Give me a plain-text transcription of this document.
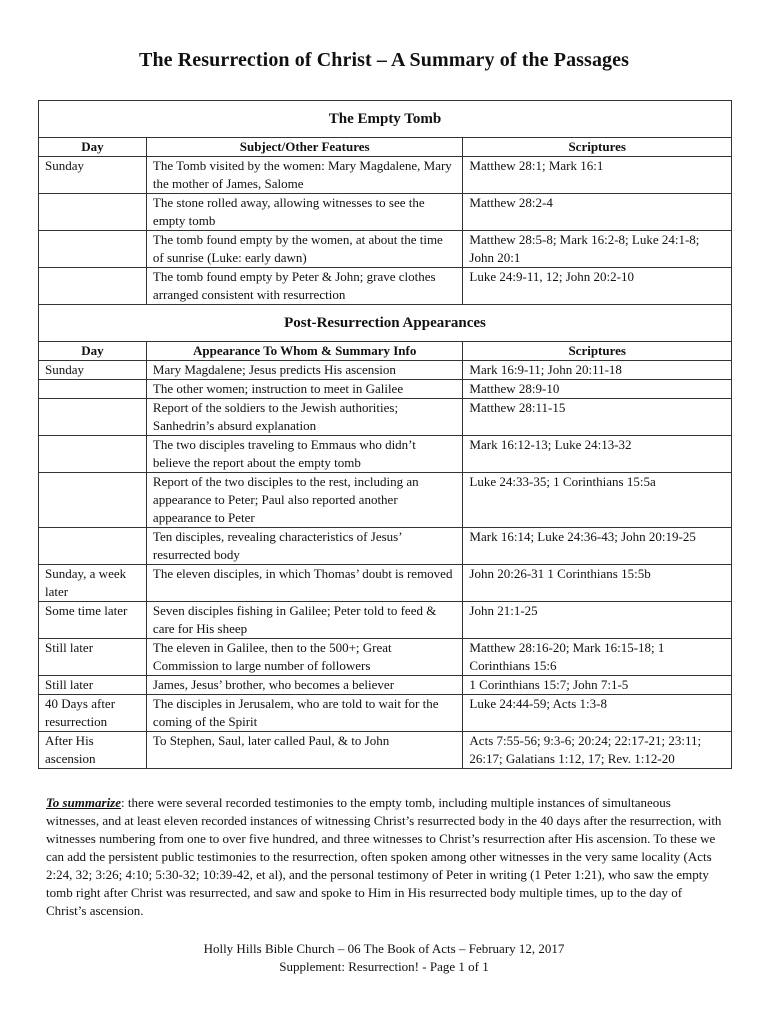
The Resurrection of Christ – A Summary of the Passages
The Empty Tomb		
Day	Subject/Other Features	Scriptures
Sunday	The Tomb visited by the women: Mary Magdalene, Mary the mother of James, Salome	Matthew 28:1; Mark 16:1
	The stone rolled away, allowing witnesses to see the empty tomb	Matthew 28:2-4
	The tomb found empty by the women, at about the time of sunrise (Luke: early dawn)	Matthew 28:5-8; Mark 16:2-8; Luke 24:1-8; John 20:1
	The tomb found empty by Peter & John; grave clothes arranged consistent with resurrection	Luke 24:9-11, 12; John 20:2-10
Post-Resurrection Appearances		
Day	Appearance To Whom & Summary Info	Scriptures
Sunday	Mary Magdalene; Jesus predicts His ascension	Mark 16:9-11; John 20:11-18
	The other women; instruction to meet in Galilee	Matthew 28:9-10
	Report of the soldiers to the Jewish authorities; Sanhedrin’s absurd explanation	Matthew 28:11-15
	The two disciples traveling to Emmaus who didn’t believe the report about the empty tomb	Mark 16:12-13; Luke 24:13-32
	Report of the two disciples to the rest, including an appearance to Peter; Paul also reported another appearance to Peter	Luke 24:33-35; 1 Corinthians 15:5a
	Ten disciples, revealing characteristics of Jesus’ resurrected body	Mark 16:14; Luke 24:36-43; John 20:19-25
Sunday, a week later	The eleven disciples, in which Thomas’ doubt is removed	John 20:26-31 1 Corinthians 15:5b
Some time later	Seven disciples fishing in Galilee; Peter told to feed & care for His sheep	John 21:1-25
Still later	The eleven in Galilee, then to the 500+; Great Commission to large number of followers	Matthew 28:16-20; Mark 16:15-18; 1 Corinthians 15:6
Still later	James, Jesus’ brother, who becomes a believer	1 Corinthians 15:7; John 7:1-5
40 Days after resurrection	The disciples in Jerusalem, who are told to wait for the coming of the Spirit	Luke 24:44-59; Acts 1:3-8
After His ascension	To Stephen, Saul, later called Paul, & to John	Acts 7:55-56; 9:3-6; 20:24; 22:17-21; 23:11; 26:17; Galatians 1:12, 17; Rev. 1:12-20
To summarize: there were several recorded testimonies to the empty tomb, including multiple instances of simultaneous witnesses, and at least eleven recorded instances of witnessing Christ’s resurrected body in the 40 days after the resurrection, with witnesses numbering from one to over five hundred, and three witnesses to Christ’s resurrection after His ascension. To these we can add the persistent public testimonies to the resurrection, often spoken among other witnesses in the very same locality (Acts 2:24, 32; 3:26; 4:10; 5:30-32; 10:39-42, et al), and the personal testimony of Peter in writing (1 Peter 1:21), who saw the empty tomb right after Christ was resurrected, and saw and spoke to Him in His resurrected body multiple times, up to the day of Christ’s ascension.
Holly Hills Bible Church – 06 The Book of Acts – February 12, 2017
Supplement: Resurrection! - Page 1 of 1
